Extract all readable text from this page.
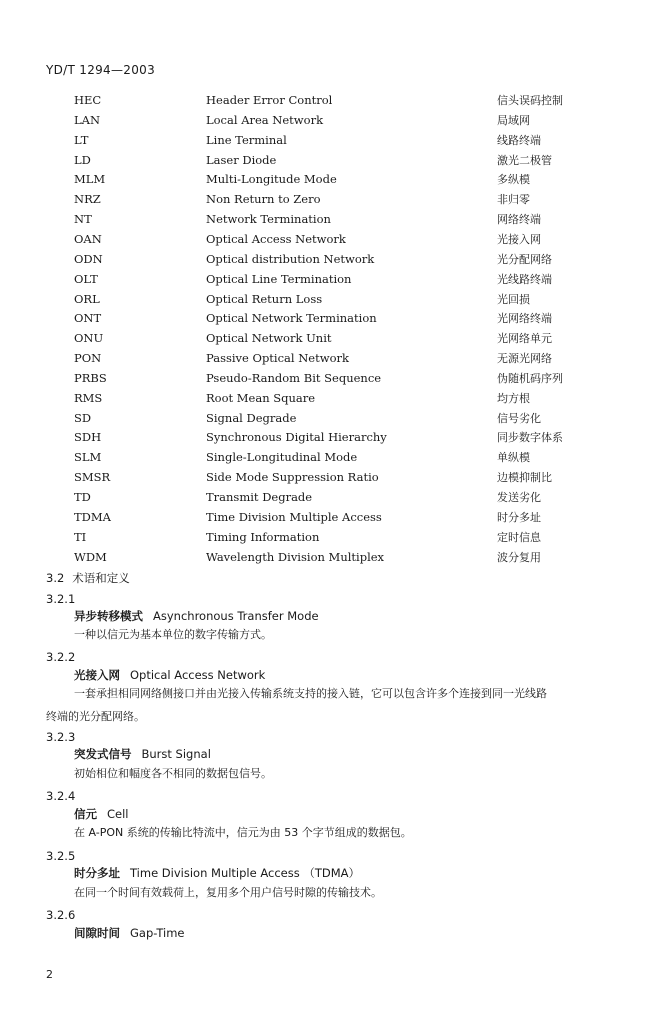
YD/T 1294—2003
HEC	Header Error Control	信头误码控制
LAN	Local Area Network	局域网
LT	Line Terminal	线路终端
LD	Laser Diode	激光二极管
MLM	Multi-Longitude Mode	多纵模
NRZ	Non Return to Zero	非归零
NT	Network Termination	网络终端
OAN	Optical Access Network	光接入网
ODN	Optical distribution Network	光分配网络
OLT	Optical Line Termination	光线路终端
ORL	Optical Return Loss	光回损
ONT	Optical Network Termination	光网络终端
ONU	Optical Network Unit	光网络单元
PON	Passive Optical Network	无源光网络
PRBS	Pseudo-Random Bit Sequence	伪随机码序列
RMS	Root Mean Square	均方根
SD	Signal Degrade	信号劣化
SDH	Synchronous Digital Hierarchy	同步数字体系
SLM	Single-Longitudinal Mode	单纵模
SMSR	Side Mode Suppression Ratio	边模抑制比
TD	Transmit Degrade	发送劣化
TDMA	Time Division Multiple Access	时分多址
TI	Timing Information	定时信息
WDM	Wavelength Division Multiplex	波分复用
3.2 术语和定义
3.2.1
异步转移模式 Asynchronous Transfer Mode
一种以信元为基本单位的数字传输方式。
3.2.2
光接入网 Optical Access Network
一套承担相同网络侧接口并由光接入传输系统支持的接入链，它可以包含许多个连接到同一光线路
终端的光分配网络。
3.2.3
突发式信号 Burst Signal
初始相位和幅度各不相同的数据包信号。
3.2.4
信元 Cell
在 A-PON 系统的传输比特流中，信元为由 53 个字节组成的数据包。
3.2.5
时分多址 Time Division Multiple Access （TDMA）
在同一个时间有效载荷上，复用多个用户信号时隙的传输技术。
3.2.6
间隙时间 Gap-Time
2
